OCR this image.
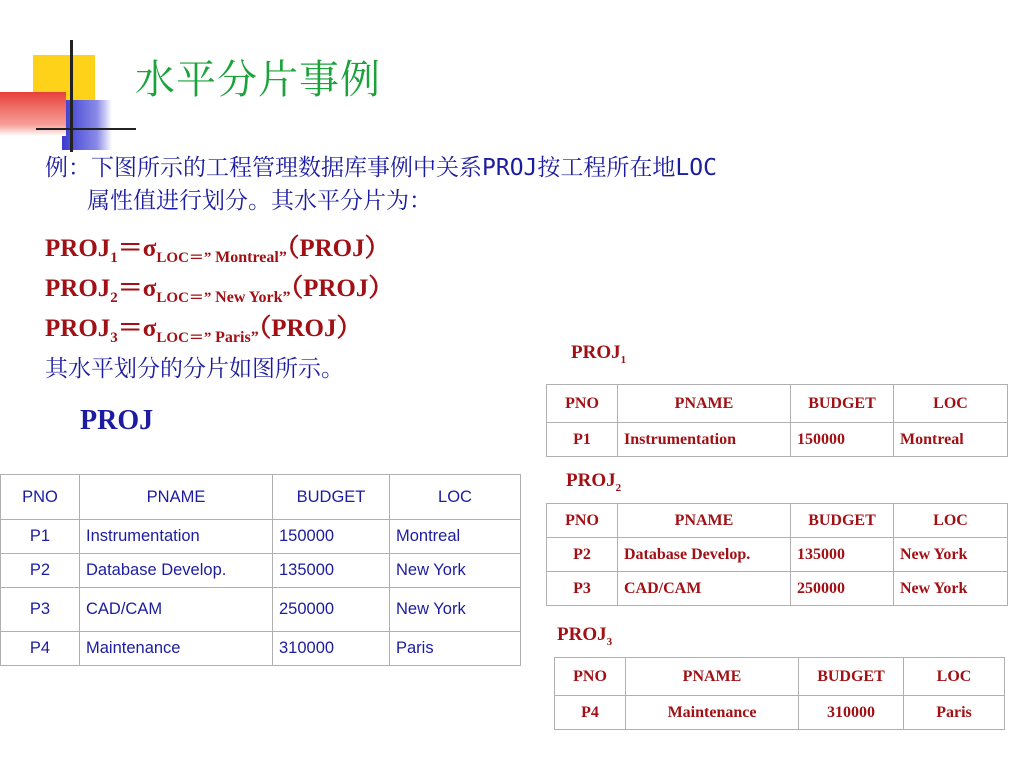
水平分片事例
例：下图所示的工程管理数据库事例中关系PROJ按工程所在地LOC
属性值进行划分。其水平分片为：
$PROJ_1=\sigma_{LOC=” Montreal”}(PROJ)$
$PROJ_2=\sigma_{LOC=” New York”}(PROJ)$
$PROJ_3=\sigma_{LOC=” Paris”}(PROJ)$
其水平划分的分片如图所示。
PROJ
PNO	PNAME	BUDGET	LOC
P1	Instrumentation	150000	Montreal
P2	Database Develop.	135000	New York
P3	CAD/CAM	250000	New York
P4	Maintenance	310000	Paris
$PROJ_1$
PNO	PNAME	BUDGET	LOC
P1	Instrumentation	150000	Montreal
$PROJ_2$
PNO	PNAME	BUDGET	LOC
P2	Database Develop.	135000	New York
P3	CAD/CAM	250000	New York
$PROJ_3$
PNO	PNAME	BUDGET	LOC
P4	Maintenance	310000	Paris
